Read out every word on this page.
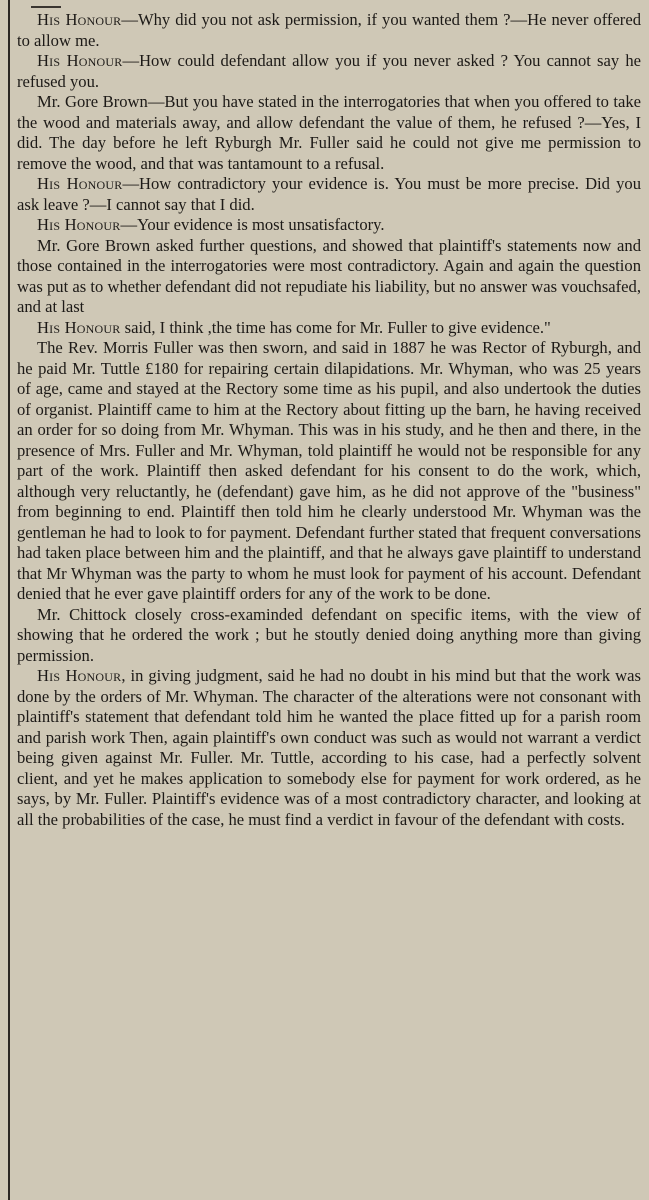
His Honour—Why did you not ask permission, if you wanted them ?—He never offered to allow me.

His Honour—How could defendant allow you if you never asked ? You cannot say he refused you.

Mr. Gore Brown—But you have stated in the interrogatories that when you offered to take the wood and materials away, and allow defendant the value of them, he refused ?—Yes, I did. The day before he left Ryburgh Mr. Fuller said he could not give me permission to remove the wood, and that was tantamount to a refusal.

His Honour—How contradictory your evidence is. You must be more precise. Did you ask leave ?—I cannot say that I did.

His Honour—Your evidence is most unsatisfactory.

Mr. Gore Brown asked further questions, and showed that plaintiff's statements now and those contained in the interrogatories were most contradictory. Again and again the question was put as to whether defendant did not repudiate his liability, but no answer was vouchsafed, and at last

His Honour said, I think ,the time has come for Mr. Fuller to give evidence."

The Rev. Morris Fuller was then sworn, and said in 1887 he was Rector of Ryburgh, and he paid Mr. Tuttle £180 for repairing certain dilapidations. Mr. Whyman, who was 25 years of age, came and stayed at the Rectory some time as his pupil, and also undertook the duties of organist. Plaintiff came to him at the Rectory about fitting up the barn, he having received an order for so doing from Mr. Whyman. This was in his study, and he then and there, in the presence of Mrs. Fuller and Mr. Whyman, told plaintiff he would not be responsible for any part of the work. Plaintiff then asked defendant for his consent to do the work, which, although very reluctantly, he (defendant) gave him, as he did not approve of the "business" from beginning to end. Plaintiff then told him he clearly understood Mr. Whyman was the gentleman he had to look to for payment. Defendant further stated that frequent conversations had taken place between him and the plaintiff, and that he always gave plaintiff to understand that Mr Whyman was the party to whom he must look for payment of his account. Defendant denied that he ever gave plaintiff orders for any of the work to be done.

Mr. Chittock closely cross-examinded defendant on specific items, with the view of showing that he ordered the work ; but he stoutly denied doing anything more than giving permission.

His Honour, in giving judgment, said he had no doubt in his mind but that the work was done by the orders of Mr. Whyman. The character of the alterations were not consonant with plaintiff's statement that defendant told him he wanted the place fitted up for a parish room and parish work Then, again plaintiff's own conduct was such as would not warrant a verdict being given against Mr. Fuller. Mr. Tuttle, according to his case, had a perfectly solvent client, and yet he makes application to somebody else for payment for work ordered, as he says, by Mr. Fuller. Plaintiff's evidence was of a most contradictory character, and looking at all the probabilities of the case, he must find a verdict in favour of the defendant with costs.
